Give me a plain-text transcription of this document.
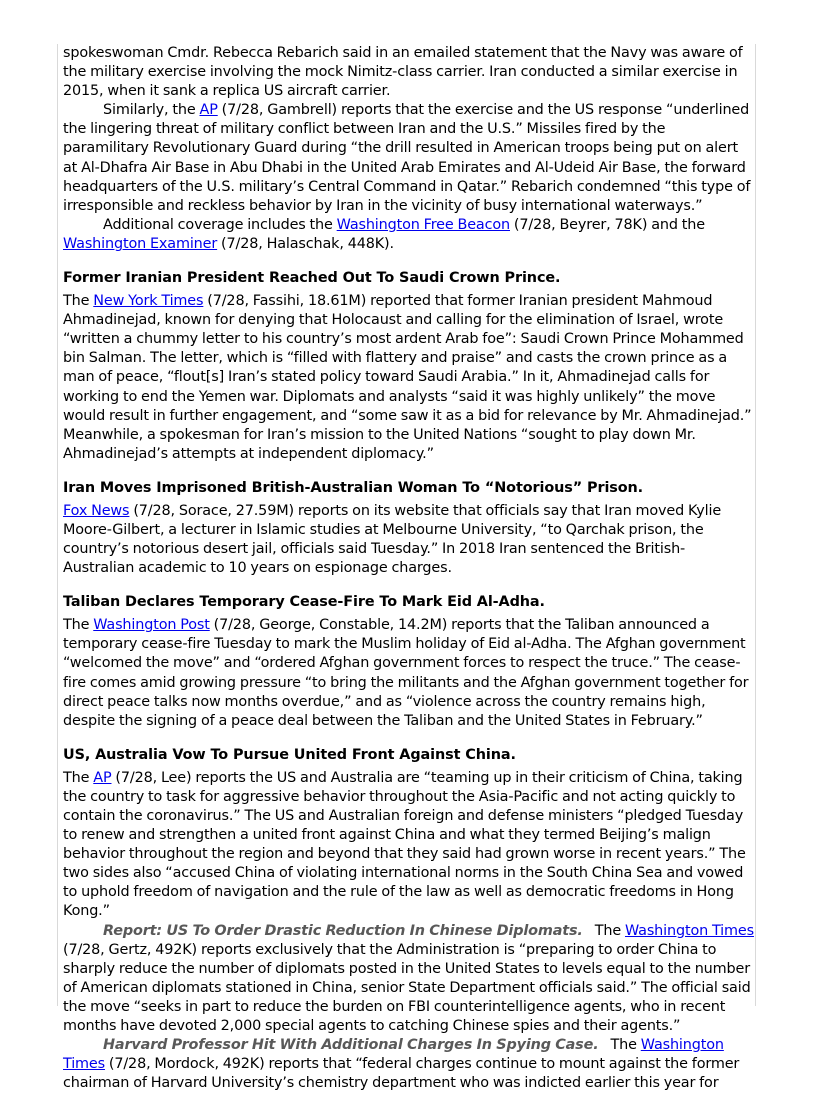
spokeswoman Cmdr. Rebecca Rebarich said in an emailed statement that the Navy was aware of the military exercise involving the mock Nimitz-class carrier. Iran conducted a similar exercise in 2015, when it sank a replica US aircraft carrier.

Similarly, the AP (7/28, Gambrell) reports that the exercise and the US response “underlined the lingering threat of military conflict between Iran and the U.S.” Missiles fired by the paramilitary Revolutionary Guard during “the drill resulted in American troops being put on alert at Al-Dhafra Air Base in Abu Dhabi in the United Arab Emirates and Al-Udeid Air Base, the forward headquarters of the U.S. military’s Central Command in Qatar.” Rebarich condemned “this type of irresponsible and reckless behavior by Iran in the vicinity of busy international waterways.”

Additional coverage includes the Washington Free Beacon (7/28, Beyrer, 78K) and the Washington Examiner (7/28, Halaschak, 448K).

Former Iranian President Reached Out To Saudi Crown Prince.

The New York Times (7/28, Fassihi, 18.61M) reported that former Iranian president Mahmoud Ahmadinejad, known for denying that Holocaust and calling for the elimination of Israel, wrote “written a chummy letter to his country’s most ardent Arab foe”: Saudi Crown Prince Mohammed bin Salman. The letter, which is “filled with flattery and praise” and casts the crown prince as a man of peace, “flout[s] Iran’s stated policy toward Saudi Arabia.” In it, Ahmadinejad calls for working to end the Yemen war. Diplomats and analysts “said it was highly unlikely” the move would result in further engagement, and “some saw it as a bid for relevance by Mr. Ahmadinejad.” Meanwhile, a spokesman for Iran’s mission to the United Nations “sought to play down Mr. Ahmadinejad’s attempts at independent diplomacy.”

Iran Moves Imprisoned British-Australian Woman To “Notorious” Prison.

Fox News (7/28, Sorace, 27.59M) reports on its website that officials say that Iran moved Kylie Moore-Gilbert, a lecturer in Islamic studies at Melbourne University, “to Qarchak prison, the country’s notorious desert jail, officials said Tuesday.” In 2018 Iran sentenced the British-Australian academic to 10 years on espionage charges.

Taliban Declares Temporary Cease-Fire To Mark Eid Al-Adha.

The Washington Post (7/28, George, Constable, 14.2M) reports that the Taliban announced a temporary cease-fire Tuesday to mark the Muslim holiday of Eid al-Adha. The Afghan government “welcomed the move” and “ordered Afghan government forces to respect the truce.” The cease-fire comes amid growing pressure “to bring the militants and the Afghan government together for direct peace talks now months overdue,” and as “violence across the country remains high, despite the signing of a peace deal between the Taliban and the United States in February.”

US, Australia Vow To Pursue United Front Against China.

The AP (7/28, Lee) reports the US and Australia are “teaming up in their criticism of China, taking the country to task for aggressive behavior throughout the Asia-Pacific and not acting quickly to contain the coronavirus.” The US and Australian foreign and defense ministers “pledged Tuesday to renew and strengthen a united front against China and what they termed Beijing’s malign behavior throughout the region and beyond that they said had grown worse in recent years.” The two sides also “accused China of violating international norms in the South China Sea and vowed to uphold freedom of navigation and the rule of the law as well as democratic freedoms in Hong Kong.”

Report: US To Order Drastic Reduction In Chinese Diplomats. The Washington Times (7/28, Gertz, 492K) reports exclusively that the Administration is “preparing to order China to sharply reduce the number of diplomats posted in the United States to levels equal to the number of American diplomats stationed in China, senior State Department officials said.” The official said the move “seeks in part to reduce the burden on FBI counterintelligence agents, who in recent months have devoted 2,000 special agents to catching Chinese spies and their agents.”

Harvard Professor Hit With Additional Charges In Spying Case. The Washington Times (7/28, Mordock, 492K) reports that “federal charges continue to mount against the former chairman of Harvard University’s chemistry department who was indicted earlier this year for
